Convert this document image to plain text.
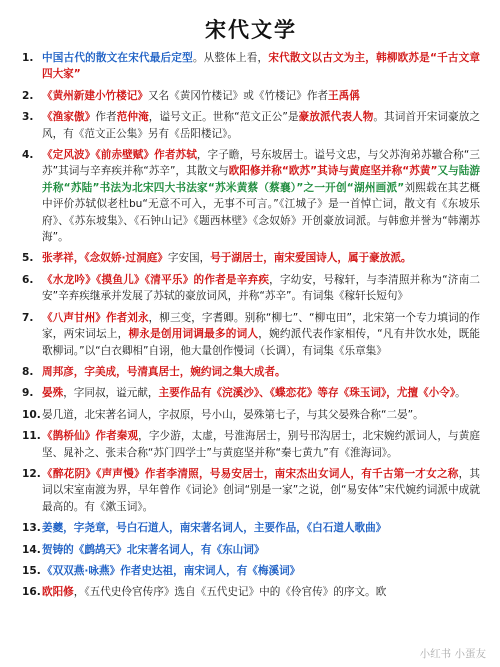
宋代文学
1. 中国古代的散文在宋代最后定型。从整体上看，宋代散文以古文为主，韩柳欧苏是“千古文章四大家”
2. 《黄州新建小竹楼记》又名《黄冈竹楼记》或《竹楼记》作者王禹偁
3. 《渔家傲》作者范仲淹，谥号文正。世称“范文正公”是豪放派代表人物。其词首开宋词豪放之风，有《范文正公集》另有《岳阳楼记》。
4. 《定风波》《前赤壁赋》作者苏轼，字子瞻，号东坡居士。谥号文忠，与父苏洵弟苏辙合称“三苏”其词与辛弃疾并称“苏辛”，其散文与欧阳修并称“欧苏”其诗与黄庭坚并称“苏黄”又与陆游并称“苏陆”书法为北宋四大书法家“苏米黄蔡（蔡襄）”之一开创“湖州画派”刘熙载在其艺概中评价苏轼似老杜bu“无意不可入，无事不可言。”《江城子》是一首悼亡词，散文有《东坡乐府》、《苏东坡集》、《石钟山记》《题西林壁》《念奴娇》开创豪放词派。与韩愈并誉为“韩潮苏海”。
5. 张孝祥，《念奴娇·过洞庭》字安国，号于湖居士，南宋爱国诗人，属于豪放派。
6. 《水龙吟》《摸鱼儿》《清平乐》的作者是辛弃疾，字幼安，号稼轩，与李清照并称为“济南二安”辛弃疾继承并发展了苏轼的豪放词风，并称“苏辛”。有词集《稼轩长短句》
7. 《八声甘州》作者刘永，柳三变，字耆卿。别称“柳七”、“柳屯田”，北宋第一个专力填词的作家，两宋词坛上，柳永是创用词调最多的词人，婉约派代表作家相传，“凡有井饮水处，既能歌柳词。”以“白衣卿相”自诩，他大量创作慢词（长调），有词集《乐章集》
8. 周邦彦，字美成，号清真居士，婉约词之集大成者。
9. 晏殊，字同叔，谥元献，主要作品有《浣溪沙》、《蝶恋花》等存《珠玉词》，尤擅《小令》。
10. 晏几道，北宋著名词人，字叔原，号小山，晏殊第七子，与其父晏殊合称“二晏”。
11. 《鹊桥仙》作者秦观，字少游，太虚，号淮海居士，别号邗沟居士，北宋婉约派词人，与黄庭坚、晁补之、张耒合称“苏门四学士”与黄庭坚并称“秦七黄九”有《淮海词》。
12. 《醉花阴》《声声慢》作者李清照，号易安居士，南宋杰出女词人，有千古第一才女之称，其词以宋室南渡为界，早年曾作《词论》创词“别是一家”之说，创“易安体”宋代婉约词派中成就最高的。有《漱玉词》。
13. 姜夔，字尧章，号白石道人，南宋著名词人，主要作品，《白石道人歌曲》
14. 贺铸的《鹧鸪天》北宋著名词人，有《东山词》
15. 《双双燕·咏燕》作者史达祖，南宋词人，有《梅溪词》
16. 欧阳修，《五代史伶官传序》选自《五代史记》中的《伶官传》的序文。欧
小红书 小蛋友
